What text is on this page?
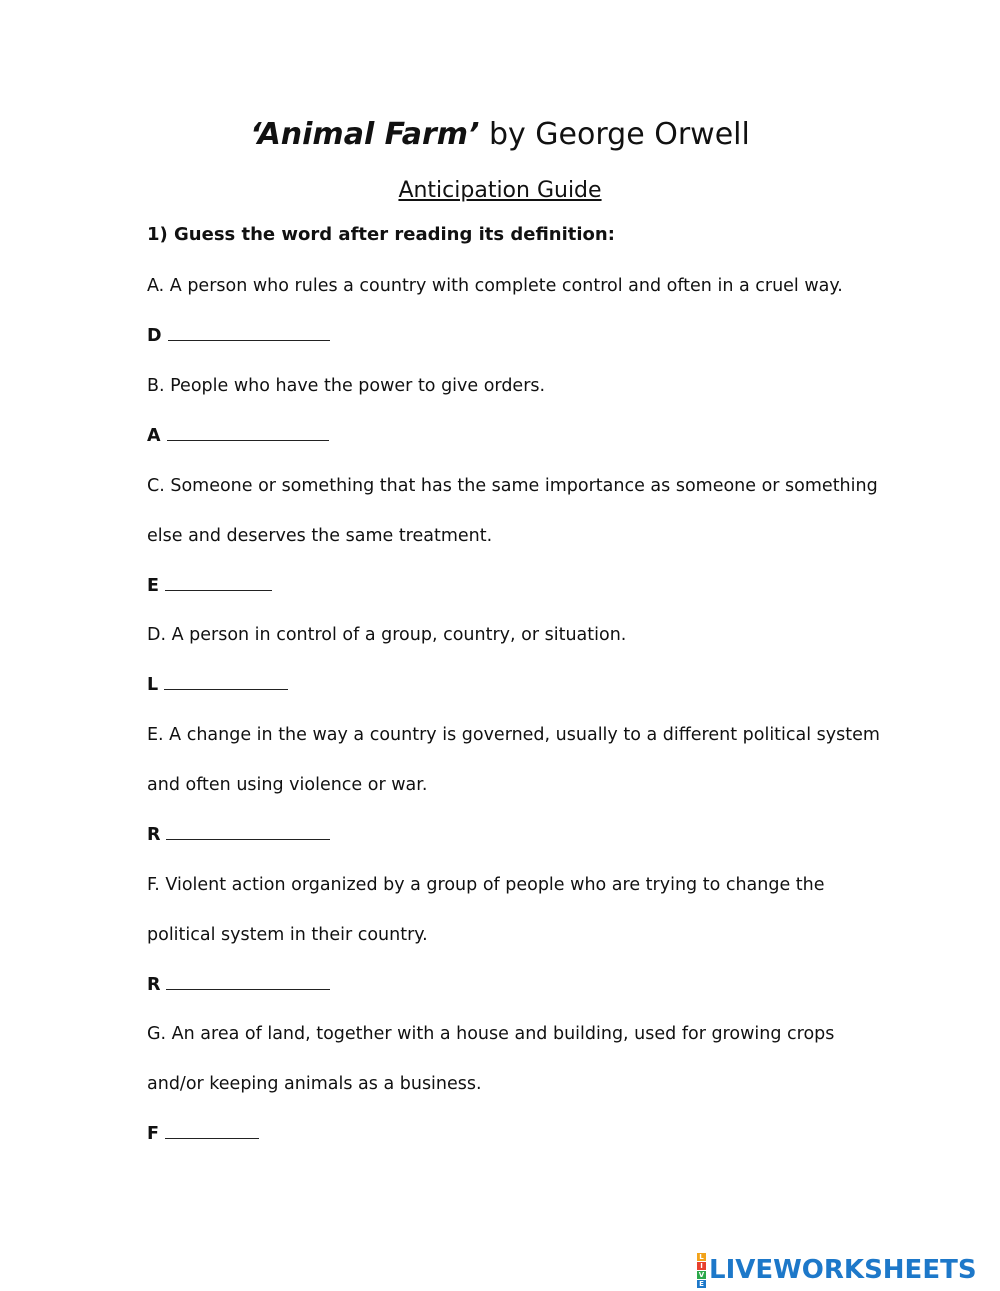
‘Animal Farm’ by George Orwell
Anticipation Guide
1) Guess the word after reading its definition:
A. A person who rules a country with complete control and often in a cruel way.
D
B. People who have the power to give orders.
A
C. Someone or something that has the same importance as someone or something
else and deserves the same treatment.
E
D. A person in control of a group, country, or situation.
L
E. A change in the way a country is governed, usually to a different political system
and often using violence or war.
R
F. Violent action organized by a group of people who are trying to change the
political system in their country.
R
G. An area of land, together with a house and building, used for growing crops
and/or keeping animals as a business.
F
L
I
V
E LIVEWORKSHEETS
